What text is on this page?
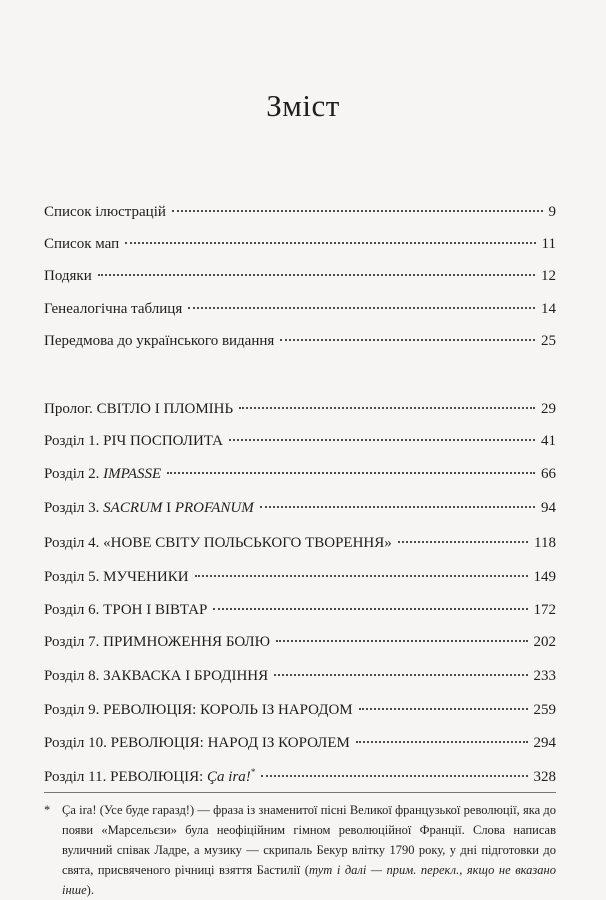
Зміст
Список ілюстрацій	9
Список мап	11
Подяки	12
Генеалогічна таблиця	14
Передмова до українського видання	25
Пролог. СВІТЛО І ПЛОМІНЬ	29
Розділ 1. РІЧ ПОСПОЛИТА	41
Розділ 2. IMPASSE	66
Розділ 3. SACRUM І PROFANUM	94
Розділ 4. «НОВЕ СВІТУ ПОЛЬСЬКОГО ТВОРЕННЯ»	118
Розділ 5. МУЧЕНИКИ	149
Розділ 6. ТРОН І ВІВТАР	172
Розділ 7. ПРИМНОЖЕННЯ БОЛЮ	202
Розділ 8. ЗАКВАСКА І БРОДІННЯ	233
Розділ 9. РЕВОЛЮЦІЯ: КОРОЛЬ ІЗ НАРОДОМ	259
Розділ 10. РЕВОЛЮЦІЯ: НАРОД ІЗ КОРОЛЕМ	294
Розділ 11. РЕВОЛЮЦІЯ: Ça ira!*	328
* Ça ira! (Усе буде гаразд!) — фраза із знаменитої пісні Великої французької революції, яка до появи «Марсельєзи» була неофіційним гімном революційної Франції. Слова написав вуличний співак Ладре, а музику — скрипаль Бекур влітку 1790 року, у дні підготовки до свята, присвяченого річниці взяття Бастилії (тут і далі — прим. перекл., якщо не вказано інше).
